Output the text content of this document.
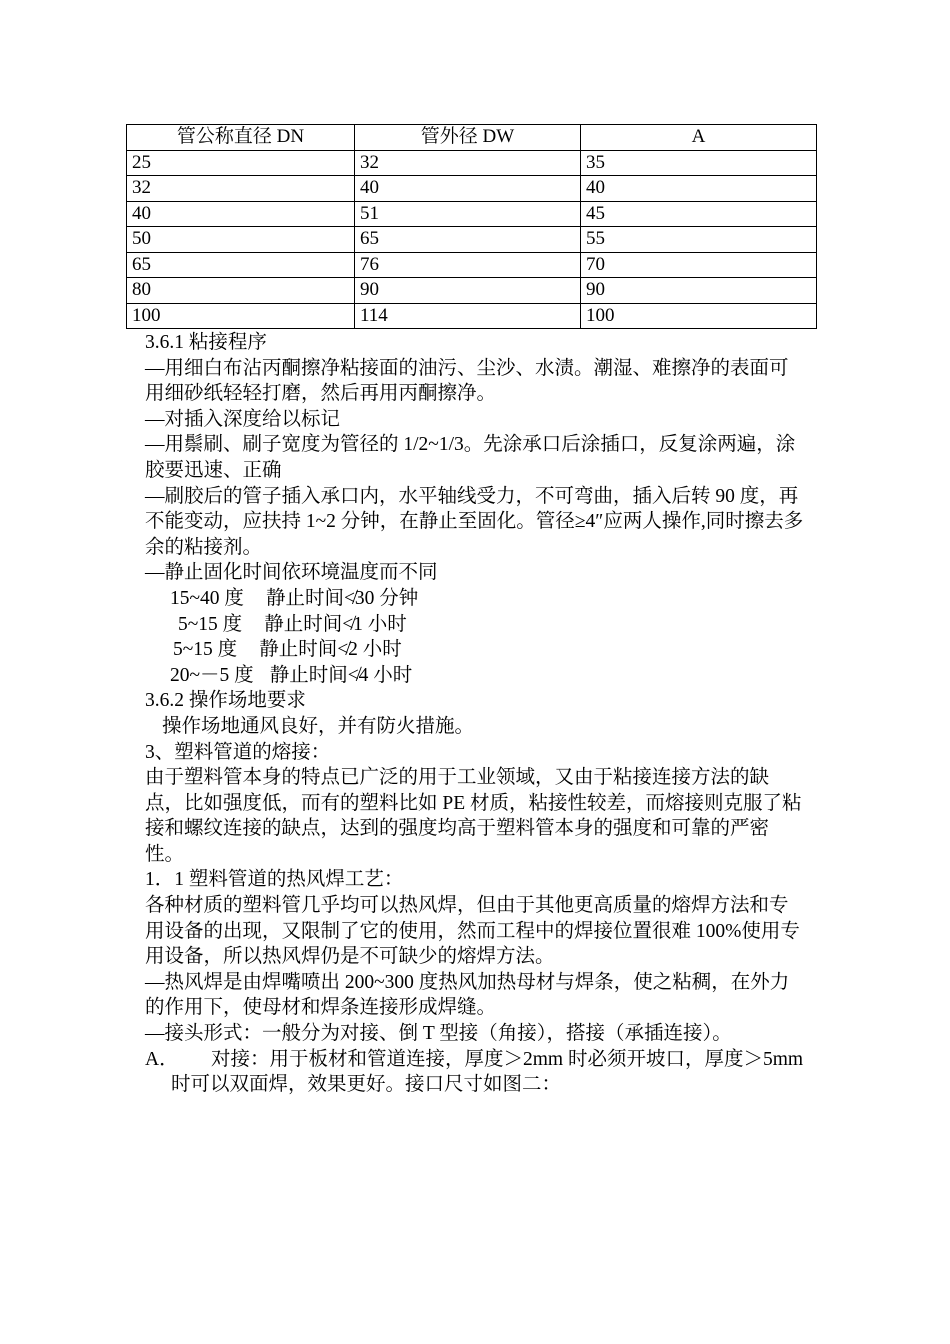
管公称直径 DN	管外径 DW	A
25	32	35
32	40	40
40	51	45
50	65	55
65	76	70
80	90	90
100	114	100

3.6.1 粘接程序

—用细白布沾丙酮擦净粘接面的油污、尘沙、水渍。潮湿、难擦净的表面可用细砂纸轻轻打磨，然后再用丙酮擦净。

—对插入深度给以标记

—用鬃刷、刷子宽度为管径的 1/2~1/3。先涂承口后涂插口，反复涂两遍，涂胶要迅速、正确

—刷胶后的管子插入承口内，水平轴线受力，不可弯曲，插入后转 90 度，再不能变动，应扶持 1~2 分钟，在静止至固化。管径≥4″应两人操作,同时擦去多余的粘接剂。

—静止固化时间依环境温度而不同

15~40 度 静止时间≮30 分钟

5~15 度 静止时间≮1 小时

5~15 度 静止时间≮2 小时

20~－5 度 静止时间≮4 小时

3.6.2 操作场地要求

操作场地通风良好，并有防火措施。

3、塑料管道的熔接：

由于塑料管本身的特点已广泛的用于工业领域，又由于粘接连接方法的缺点，比如强度低，而有的塑料比如 PE 材质，粘接性较差，而熔接则克服了粘接和螺纹连接的缺点，达到的强度均高于塑料管本身的强度和可靠的严密性。

1．1 塑料管道的热风焊工艺：

各种材质的塑料管几乎均可以热风焊，但由于其他更高质量的熔焊方法和专用设备的出现，又限制了它的使用，然而工程中的焊接位置很难 100%使用专用设备，所以热风焊仍是不可缺少的熔焊方法。

—热风焊是由焊嘴喷出 200~300 度热风加热母材与焊条，使之粘稠，在外力的作用下，使母材和焊条连接形成焊缝。

—接头形式：一般分为对接、倒 T 型接（角接），搭接（承插连接）。

A． 对接：用于板材和管道连接，厚度＞2mm 时必须开坡口，厚度＞5mm 时可以双面焊，效果更好。接口尺寸如图二：
